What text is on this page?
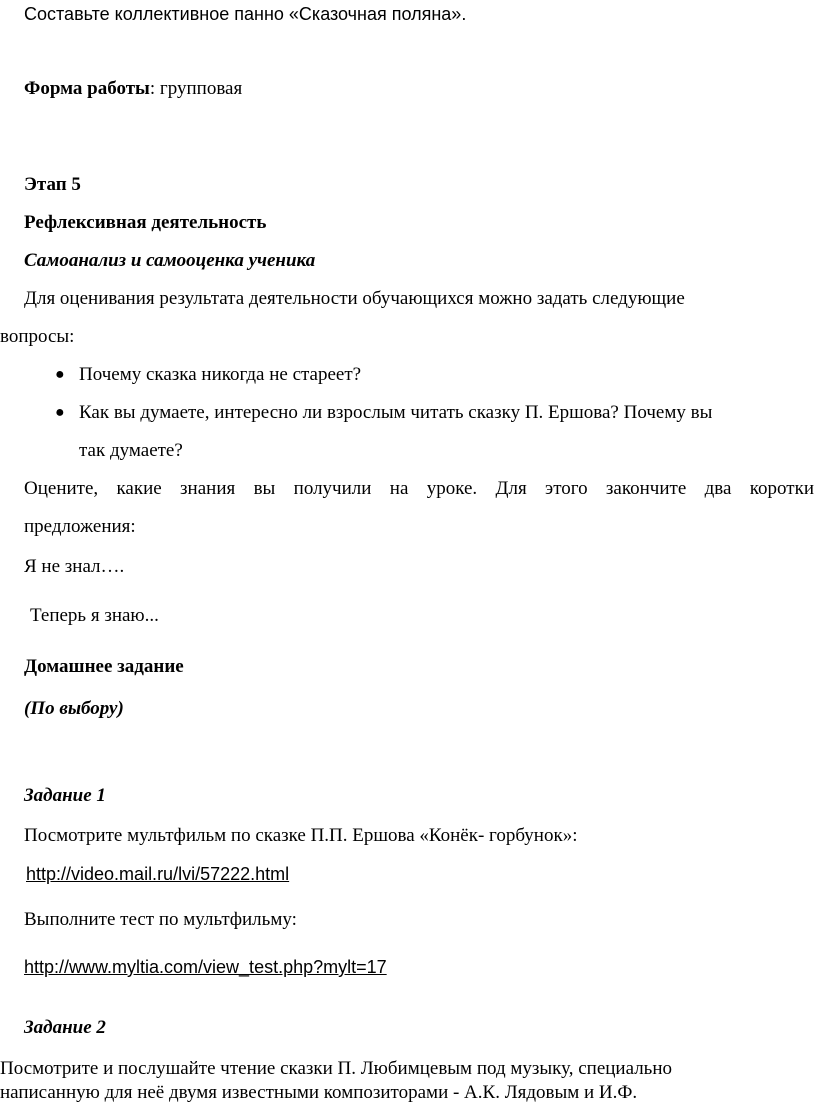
Составьте коллективное панно «Сказочная поляна».
Форма работы: групповая
Этап 5
Рефлексивная деятельность
Самоанализ и самооценка ученика
Для оценивания результата деятельности обучающихся можно задать следующие
вопросы:
● Почему сказка никогда не стареет?
● Как вы думаете, интересно ли взрослым читать сказку П. Ершова? Почему вы
так думаете?
Оцените, какие знания вы получили на уроке. Для этого закончите два коротки
предложения:
Я не знал….
Теперь я знаю...
Домашнее задание
(По выбору)
Задание 1
Посмотрите мультфильм по сказке П.П. Ершова «Конёк- горбунок»:
http://video.mail.ru/lvi/57222.html
Выполните тест по мультфильму:
http://www.myltia.com/view_test.php?mylt=17
Задание 2
Посмотрите и послушайте чтение сказки П. Любимцевым под музыку, специально
написанную для неё двумя известными композиторами - А.К. Лядовым и И.Ф.
